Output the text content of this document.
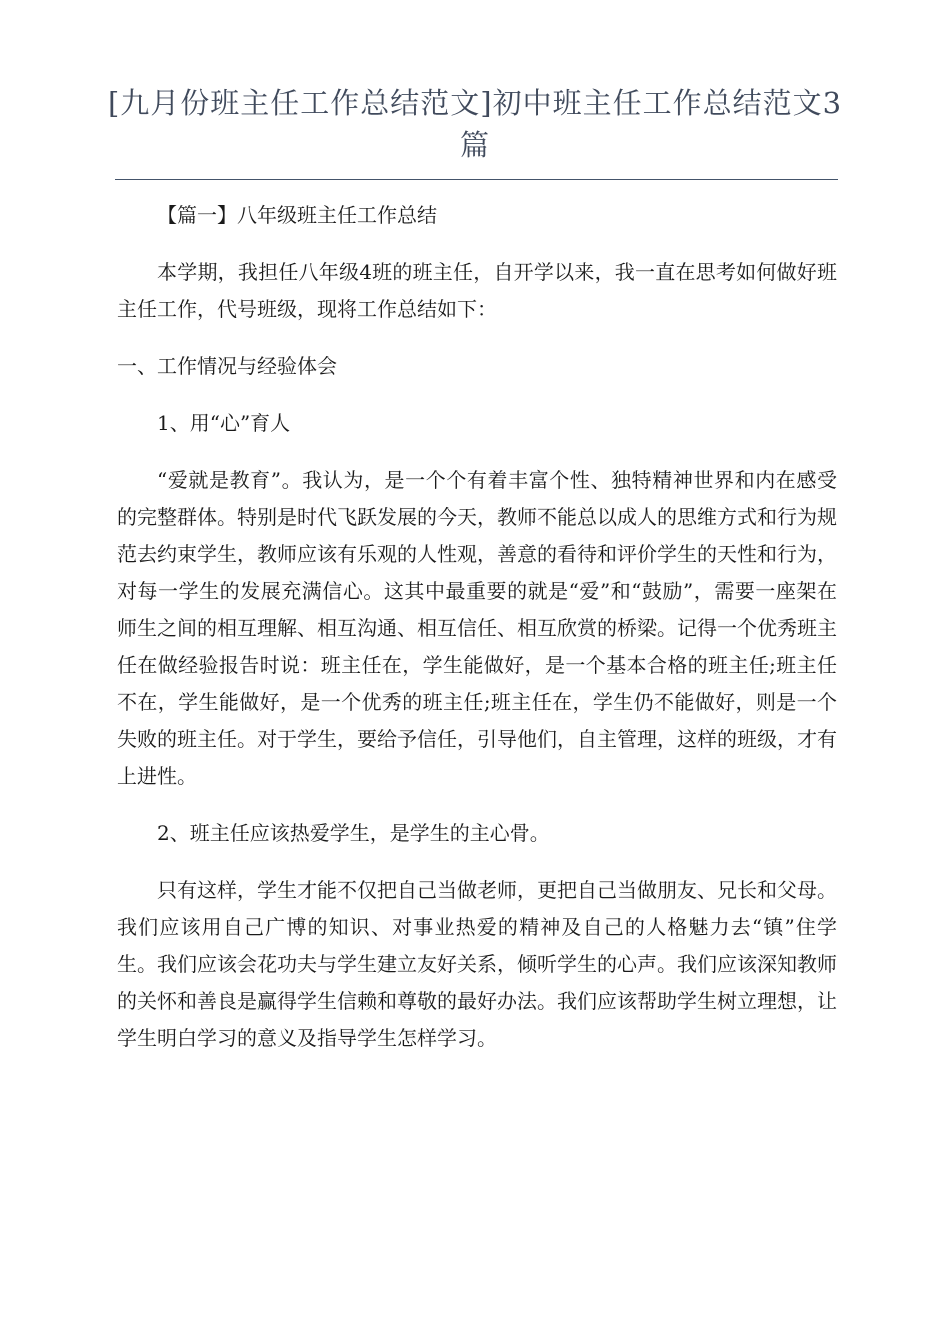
[九月份班主任工作总结范文]初中班主任工作总结范文3篇

【篇一】八年级班主任工作总结

本学期，我担任八年级4班的班主任，自开学以来，我一直在思考如何做好班主任工作，代号班级，现将工作总结如下：

一、工作情况与经验体会

1、用“心”育人

“爱就是教育”。我认为，是一个个有着丰富个性、独特精神世界和内在感受的完整群体。特别是时代飞跃发展的今天，教师不能总以成人的思维方式和行为规范去约束学生，教师应该有乐观的人性观，善意的看待和评价学生的天性和行为，对每一学生的发展充满信心。这其中最重要的就是“爱”和“鼓励”，需要一座架在师生之间的相互理解、相互沟通、相互信任、相互欣赏的桥梁。记得一个优秀班主任在做经验报告时说：班主任在，学生能做好，是一个基本合格的班主任;班主任不在，学生能做好，是一个优秀的班主任;班主任在，学生仍不能做好，则是一个失败的班主任。对于学生，要给予信任，引导他们，自主管理，这样的班级，才有上进性。

2、班主任应该热爱学生，是学生的主心骨。

只有这样，学生才能不仅把自己当做老师，更把自己当做朋友、兄长和父母。我们应该用自己广博的知识、对事业热爱的精神及自己的人格魅力去“镇”住学生。我们应该会花功夫与学生建立友好关系，倾听学生的心声。我们应该深知教师的关怀和善良是赢得学生信赖和尊敬的最好办法。我们应该帮助学生树立理想，让学生明白学习的意义及指导学生怎样学习。
